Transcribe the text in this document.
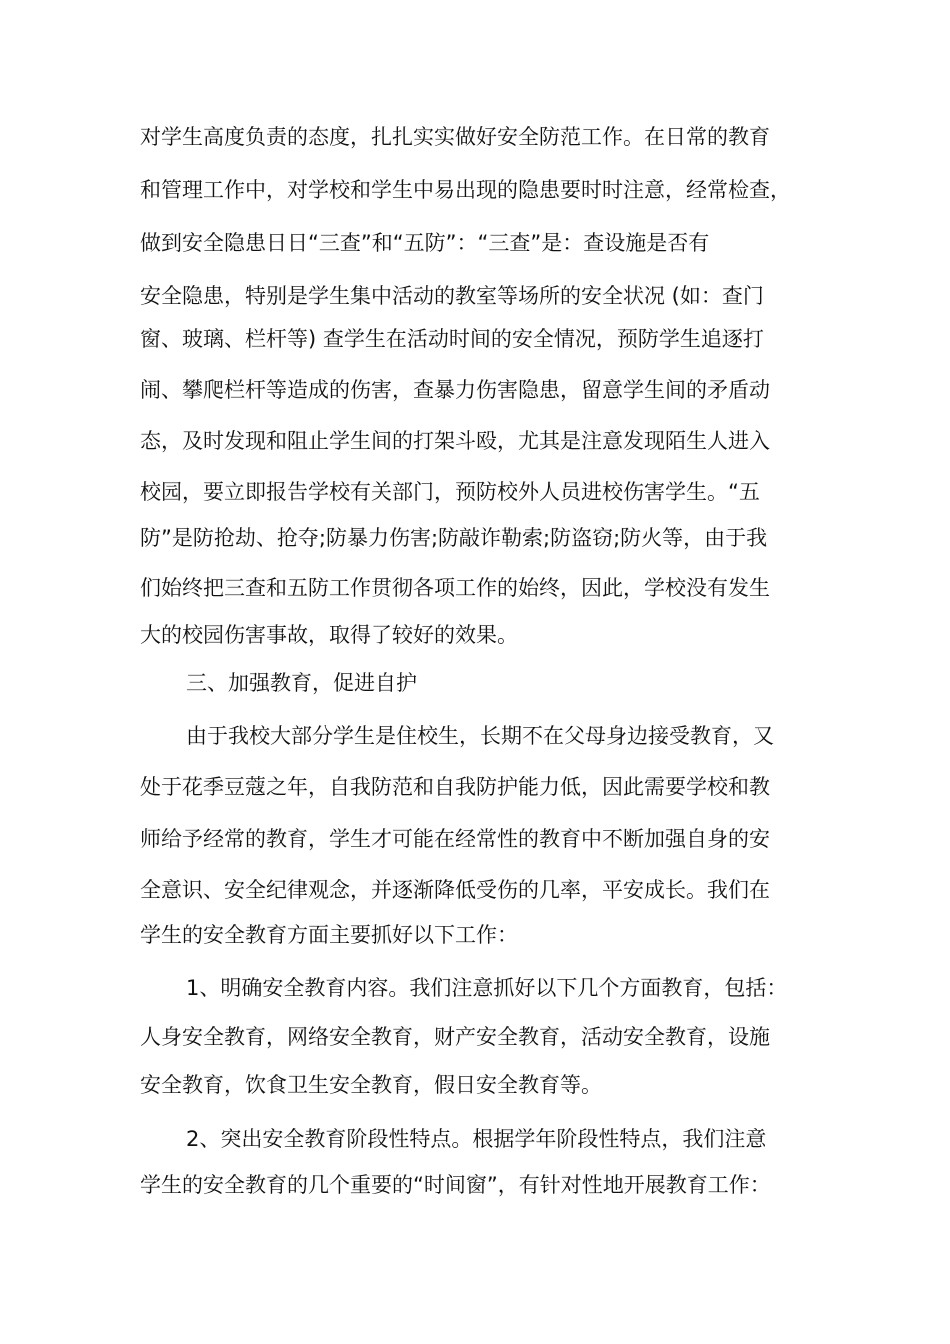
对学生高度负责的态度，扎扎实实做好安全防范工作。在日常的教育

和管理工作中，对学校和学生中易出现的隐患要时时注意，经常检查，

做到安全隐患日日“三查”和“五防”：“三查”是：查设施是否有

安全隐患，特别是学生集中活动的教室等场所的安全状况 (如：查门

窗、玻璃、栏杆等) 查学生在活动时间的安全情况，预防学生追逐打

闹、攀爬栏杆等造成的伤害，查暴力伤害隐患，留意学生间的矛盾动

态，及时发现和阻止学生间的打架斗殴，尤其是注意发现陌生人进入

校园，要立即报告学校有关部门，预防校外人员进校伤害学生。“五

防”是防抢劫、抢夺;防暴力伤害;防敲诈勒索;防盗窃;防火等，由于我

们始终把三查和五防工作贯彻各项工作的始终，因此，学校没有发生

大的校园伤害事故，取得了较好的效果。

三、加强教育，促进自护

由于我校大部分学生是住校生，长期不在父母身边接受教育，又

处于花季豆蔻之年，自我防范和自我防护能力低，因此需要学校和教

师给予经常的教育，学生才可能在经常性的教育中不断加强自身的安

全意识、安全纪律观念，并逐渐降低受伤的几率，平安成长。我们在

学生的安全教育方面主要抓好以下工作：

1、明确安全教育内容。我们注意抓好以下几个方面教育，包括：

人身安全教育，网络安全教育，财产安全教育，活动安全教育，设施

安全教育，饮食卫生安全教育，假日安全教育等。

2、突出安全教育阶段性特点。根据学年阶段性特点，我们注意

学生的安全教育的几个重要的“时间窗”，有针对性地开展教育工作：
